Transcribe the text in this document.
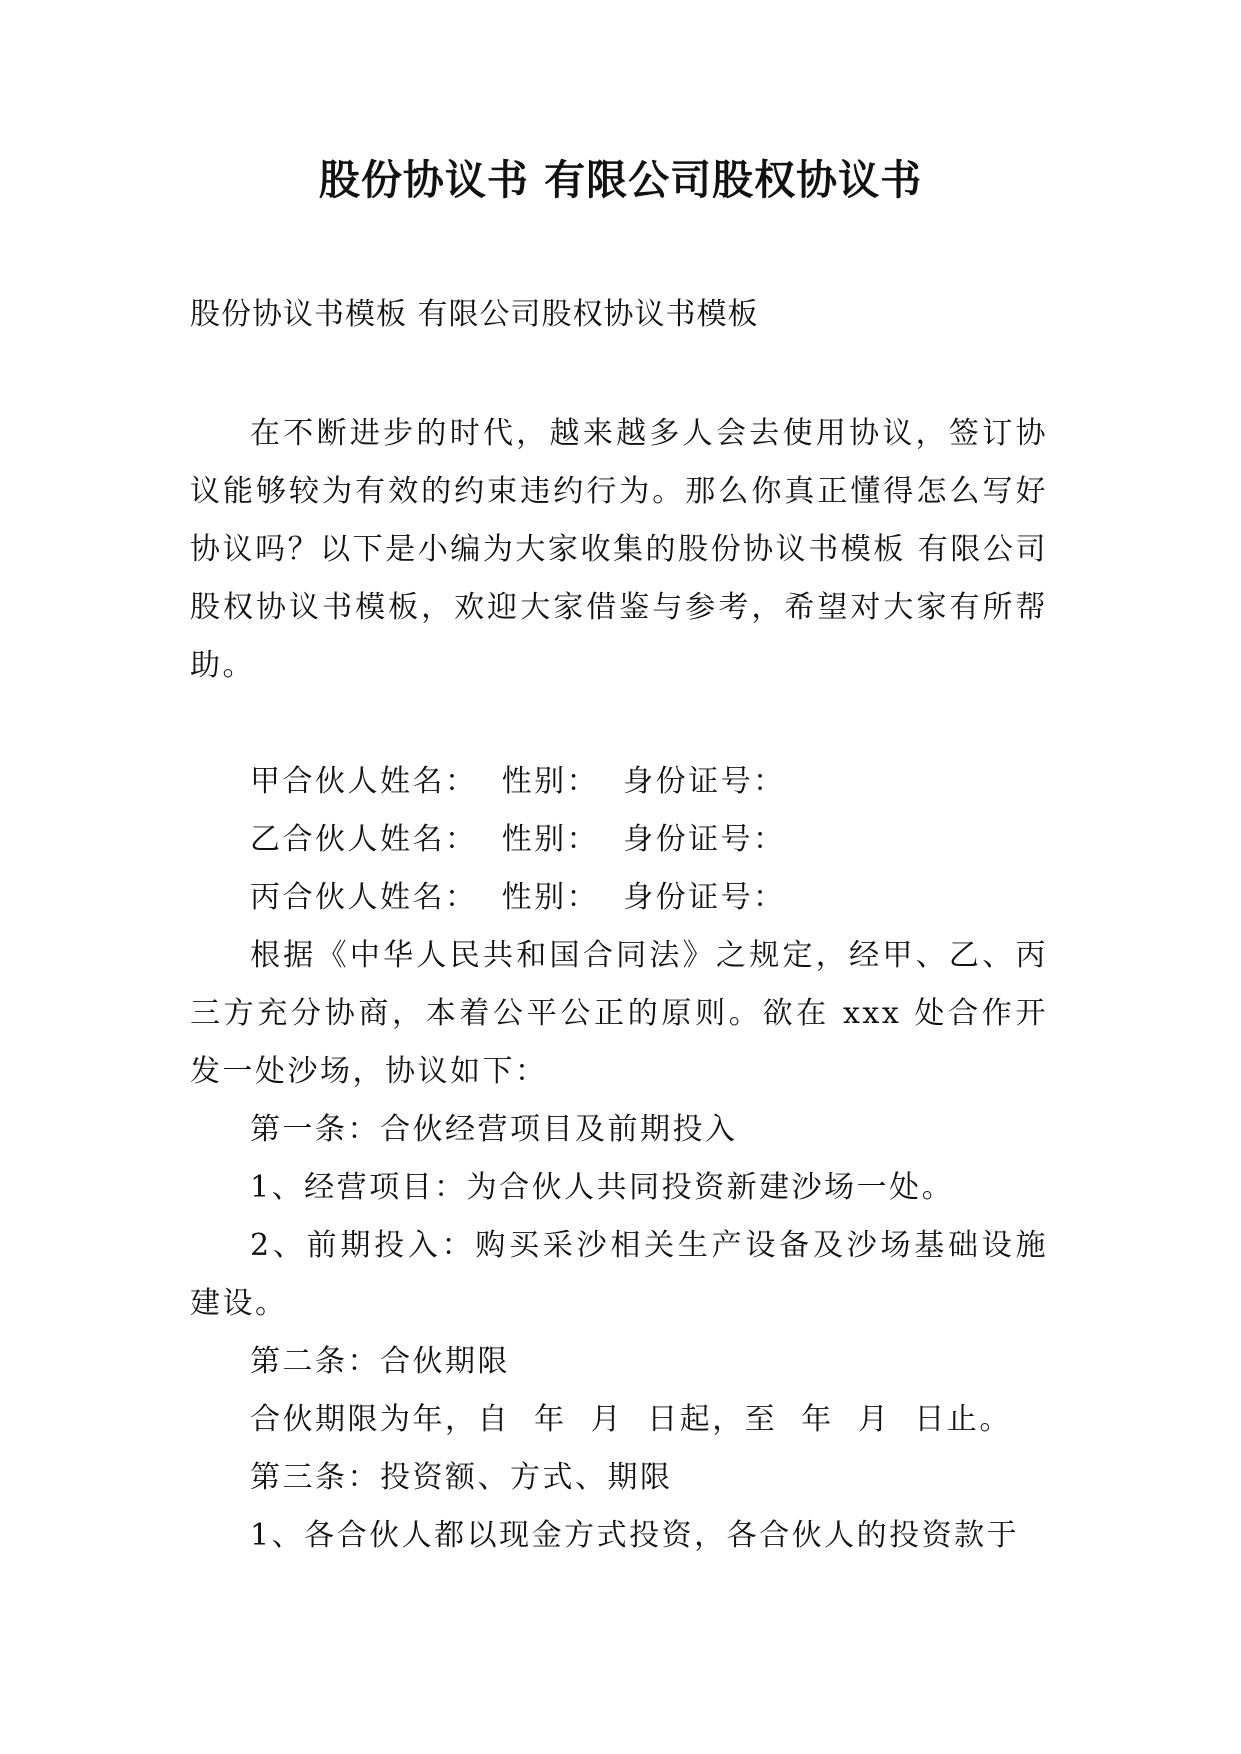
股份协议书 有限公司股权协议书

股份协议书模板 有限公司股权协议书模板

在不断进步的时代，越来越多人会去使用协议，签订协议能够较为有效的约束违约行为。那么你真正懂得怎么写好协议吗？以下是小编为大家收集的股份协议书模板 有限公司股权协议书模板，欢迎大家借鉴与参考，希望对大家有所帮助。

甲合伙人姓名：  性别：  身份证号：

乙合伙人姓名：  性别：  身份证号：

丙合伙人姓名：  性别：  身份证号：

根据《中华人民共和国合同法》之规定，经甲、乙、丙三方充分协商，本着公平公正的原则。欲在 xxx 处合作开发一处沙场，协议如下：

第一条：合伙经营项目及前期投入

1、经营项目：为合伙人共同投资新建沙场一处。

2、前期投入：购买采沙相关生产设备及沙场基础设施建设。

第二条：合伙期限

合伙期限为年，自  年  月  日起，至  年  月  日止。

第三条：投资额、方式、期限

1、各合伙人都以现金方式投资，各合伙人的投资款于
